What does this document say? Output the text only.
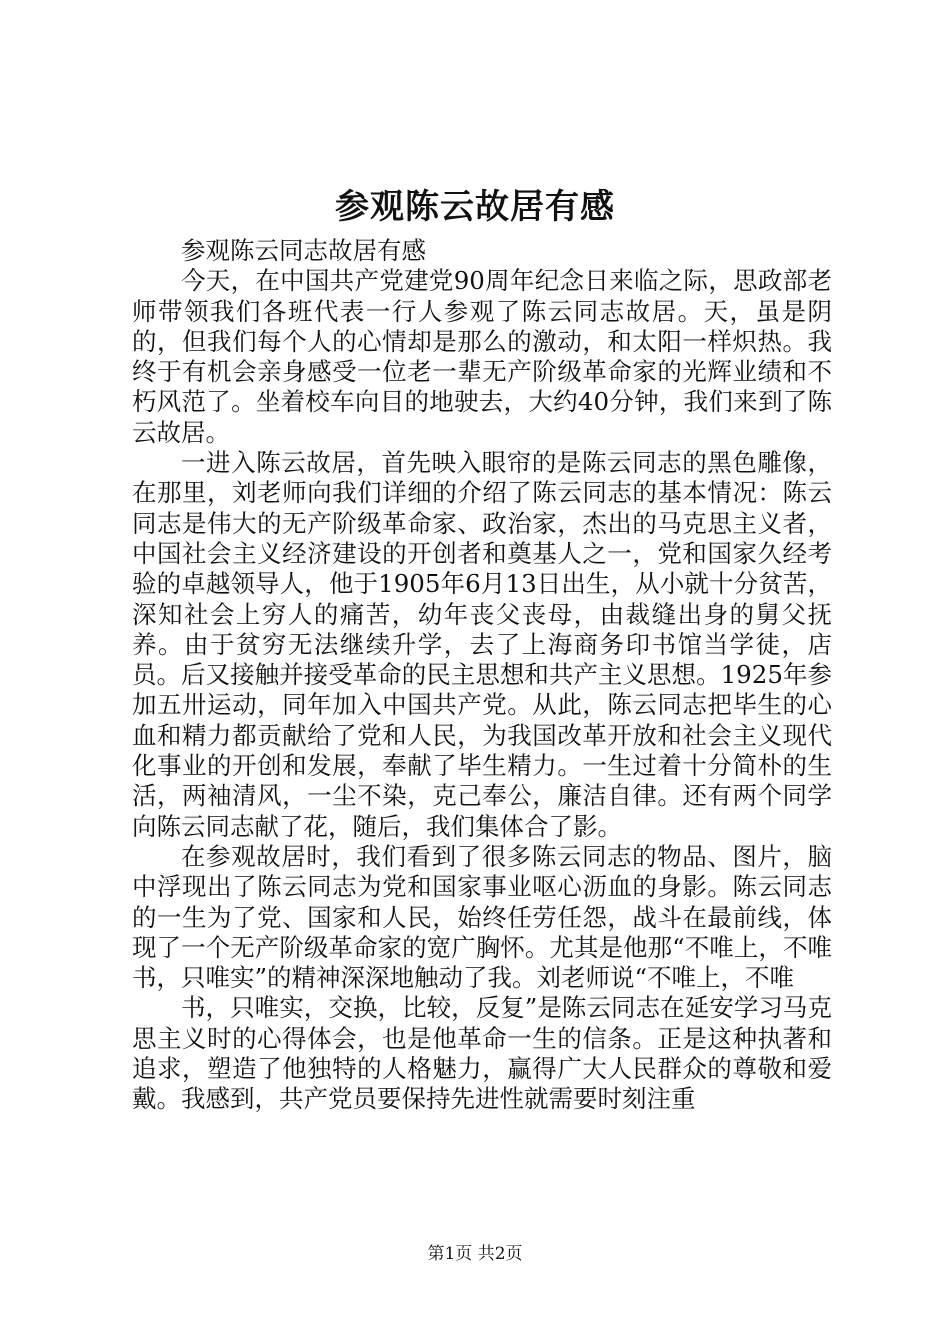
参观陈云故居有感

参观陈云同志故居有感

今天，在中国共产党建党90周年纪念日来临之际，思政部老师带领我们各班代表一行人参观了陈云同志故居。天，虽是阴的，但我们每个人的心情却是那么的激动，和太阳一样炽热。我终于有机会亲身感受一位老一辈无产阶级革命家的光辉业绩和不朽风范了。坐着校车向目的地驶去，大约40分钟，我们来到了陈云故居。

一进入陈云故居，首先映入眼帘的是陈云同志的黑色雕像，在那里，刘老师向我们详细的介绍了陈云同志的基本情况：陈云同志是伟大的无产阶级革命家、政治家，杰出的马克思主义者，中国社会主义经济建设的开创者和奠基人之一，党和国家久经考验的卓越领导人，他于1905年6月13日出生，从小就十分贫苦，深知社会上穷人的痛苦，幼年丧父丧母，由裁缝出身的舅父抚养。由于贫穷无法继续升学，去了上海商务印书馆当学徒，店员。后又接触并接受革命的民主思想和共产主义思想。1925年参加五卅运动，同年加入中国共产党。从此，陈云同志把毕生的心血和精力都贡献给了党和人民，为我国改革开放和社会主义现代化事业的开创和发展，奉献了毕生精力。一生过着十分简朴的生活，两袖清风，一尘不染，克己奉公，廉洁自律。还有两个同学向陈云同志献了花，随后，我们集体合了影。

在参观故居时，我们看到了很多陈云同志的物品、图片，脑中浮现出了陈云同志为党和国家事业呕心沥血的身影。陈云同志的一生为了党、国家和人民，始终任劳任怨，战斗在最前线，体现了一个无产阶级革命家的宽广胸怀。尤其是他那“不唯上，不唯书，只唯实”的精神深深地触动了我。刘老师说“不唯上，不唯

书，只唯实，交换，比较，反复”是陈云同志在延安学习马克思主义时的心得体会，也是他革命一生的信条。正是这种执著和追求，塑造了他独特的人格魅力，赢得广大人民群众的尊敬和爱戴。我感到，共产党员要保持先进性就需要时刻注重

第1页 共2页
